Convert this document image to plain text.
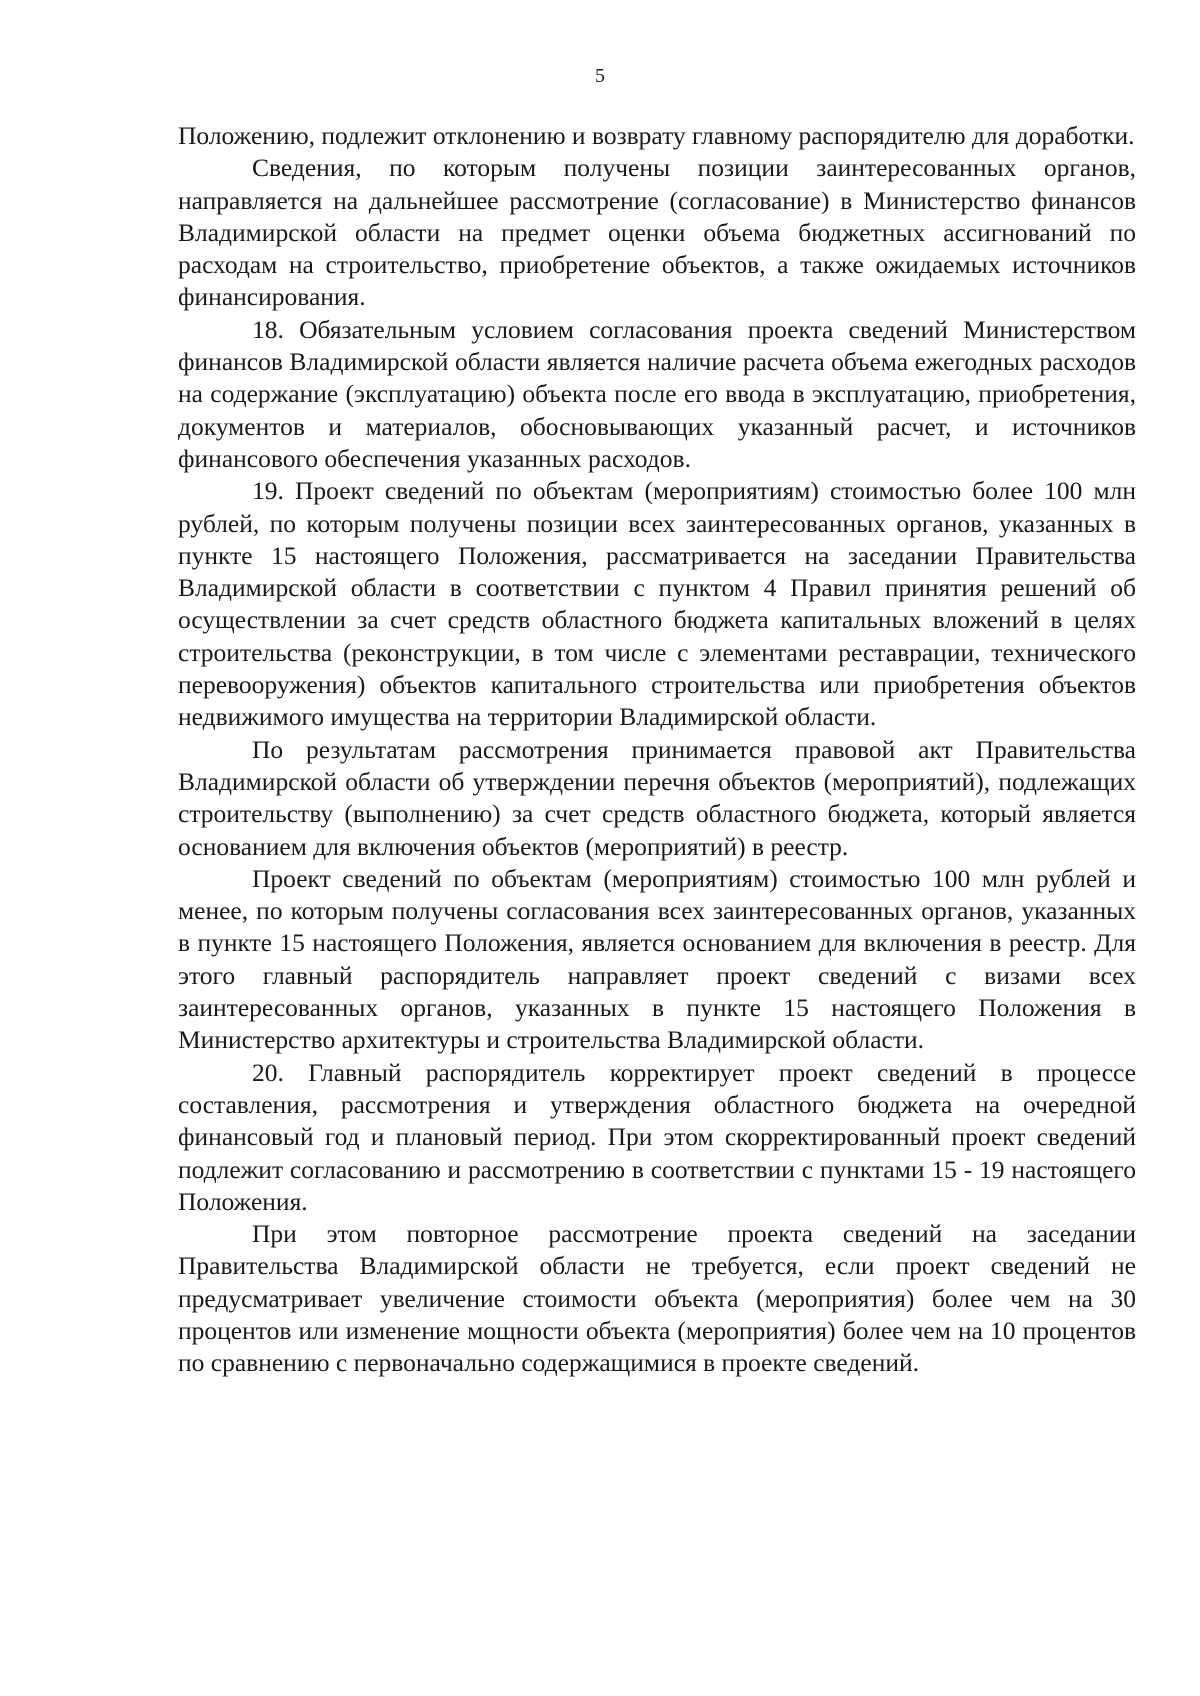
5

Положению, подлежит отклонению и возврату главному распорядителю для доработки.

Сведения, по которым получены позиции заинтересованных органов, направляется на дальнейшее рассмотрение (согласование) в Министерство финансов Владимирской области на предмет оценки объема бюджетных ассигнований по расходам на строительство, приобретение объектов, а также ожидаемых источников финансирования.

18. Обязательным условием согласования проекта сведений Министерством финансов Владимирской области является наличие расчета объема ежегодных расходов на содержание (эксплуатацию) объекта после его ввода в эксплуатацию, приобретения, документов и материалов, обосновывающих указанный расчет, и источников финансового обеспечения указанных расходов.

19. Проект сведений по объектам (мероприятиям) стоимостью более 100 млн рублей, по которым получены позиции всех заинтересованных органов, указанных в пункте 15 настоящего Положения, рассматривается на заседании Правительства Владимирской области в соответствии с пунктом 4 Правил принятия решений об осуществлении за счет средств областного бюджета капитальных вложений в целях строительства (реконструкции, в том числе с элементами реставрации, технического перевооружения) объектов капитального строительства или приобретения объектов недвижимого имущества на территории Владимирской области.

По результатам рассмотрения принимается правовой акт Правительства Владимирской области об утверждении перечня объектов (мероприятий), подлежащих строительству (выполнению) за счет средств областного бюджета, который является основанием для включения объектов (мероприятий) в реестр.

Проект сведений по объектам (мероприятиям) стоимостью 100 млн рублей и менее, по которым получены согласования всех заинтересованных органов, указанных в пункте 15 настоящего Положения, является основанием для включения в реестр. Для этого главный распорядитель направляет проект сведений с визами всех заинтересованных органов, указанных в пункте 15 настоящего Положения в Министерство архитектуры и строительства Владимирской области.

20. Главный распорядитель корректирует проект сведений в процессе составления, рассмотрения и утверждения областного бюджета на очередной финансовый год и плановый период. При этом скорректированный проект сведений подлежит согласованию и рассмотрению в соответствии с пунктами 15 - 19 настоящего Положения.

При этом повторное рассмотрение проекта сведений на заседании Правительства Владимирской области не требуется, если проект сведений не предусматривает увеличение стоимости объекта (мероприятия) более чем на 30 процентов или изменение мощности объекта (мероприятия) более чем на 10 процентов по сравнению с первоначально содержащимися в проекте сведений.
